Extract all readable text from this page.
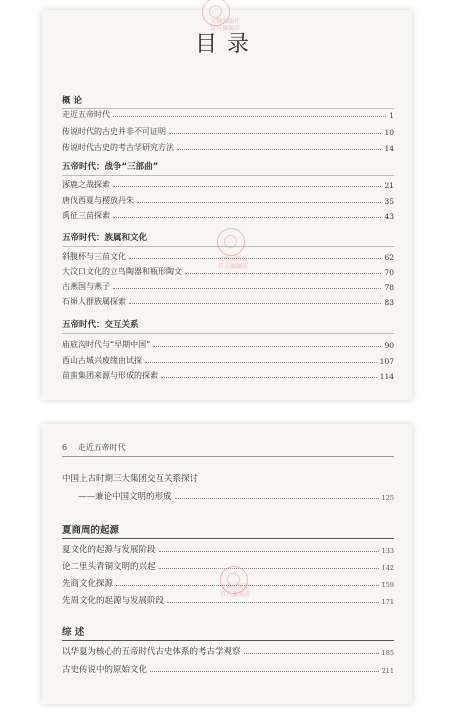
文物出版社
官方旗舰店
目录
概 论
走近五帝时代	1
传说时代的古史并非不可证明	10
传说时代古史的考古学研究方法	14
五帝时代：战争“三部曲”
涿鹿之战探索	21
唐伐西夏与稷放丹朱	35
禹征三苗探索	43
五帝时代：族属和文化
斜腹杯与三苗文化	62
大汶口文化的立鸟陶器和瓶形陶文	70
古燕国与燕子	78
石峁人群族属探索	83
五帝时代：交互关系
庙底沟时代与“早期中国”	90
西山古城兴废缘由试探	107
苗蛮集团来源与形成的探索	114
文物出版社
官方旗舰店
6 走近五帝时代
中国上古时期三大集团交互关系探讨
——兼论中国文明的形成	125
夏商周的起源
夏文化的起源与发展阶段	133
论二里头青铜文明的兴起	142
先商文化探源	159
先周文化的起源与发展阶段	171
综 述
以华夏为核心的五帝时代古史体系的考古学观察	185
古史传说中的原始文化	211
文物出版社
官方旗舰店
